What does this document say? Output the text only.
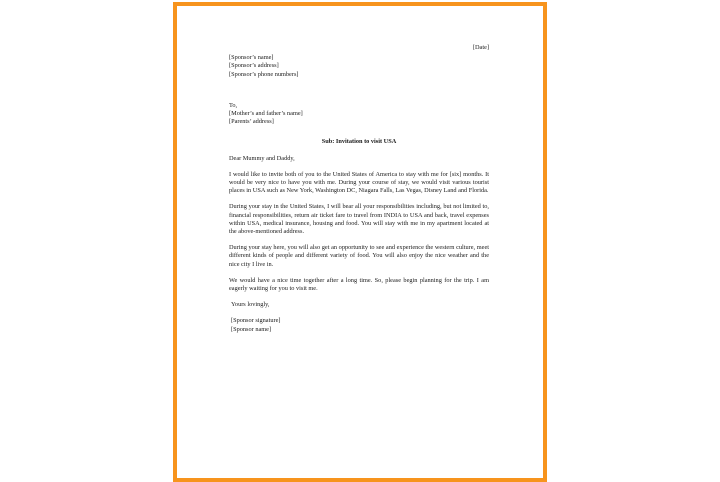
[Date]

[Sponsor’s name]
[Sponsor’s address]
[Sponsor’s phone numbers]
To,
[Mother’s and father’s name]
[Parents’ address]
Sub: Invitation to visit USA
Dear Mummy and Daddy,

I would like to invite both of you to the United States of America to stay with me for [six] months. It would be very nice to have you with me. During your course of stay, we would visit various tourist places in USA such as New York, Washington DC, Niagara Falls, Las Vegas, Disney Land and Florida.

During your stay in the United States, I will bear all your responsibilities including, but not limited to, financial responsibilities, return air ticket fare to travel from INDIA to USA and back, travel expenses within USA, medical insurance, housing and food. You will stay with me in my apartment located at the above-mentioned address.

During your stay here, you will also get an opportunity to see and experience the western culture, meet different kinds of people and different variety of food. You will also enjoy the nice weather and the nice city I live in.

We would have a nice time together after a long time. So, please begin planning for the trip. I am eagerly waiting for you to visit me.

Yours lovingly,
[Sponsor signature]
[Sponsor name]
